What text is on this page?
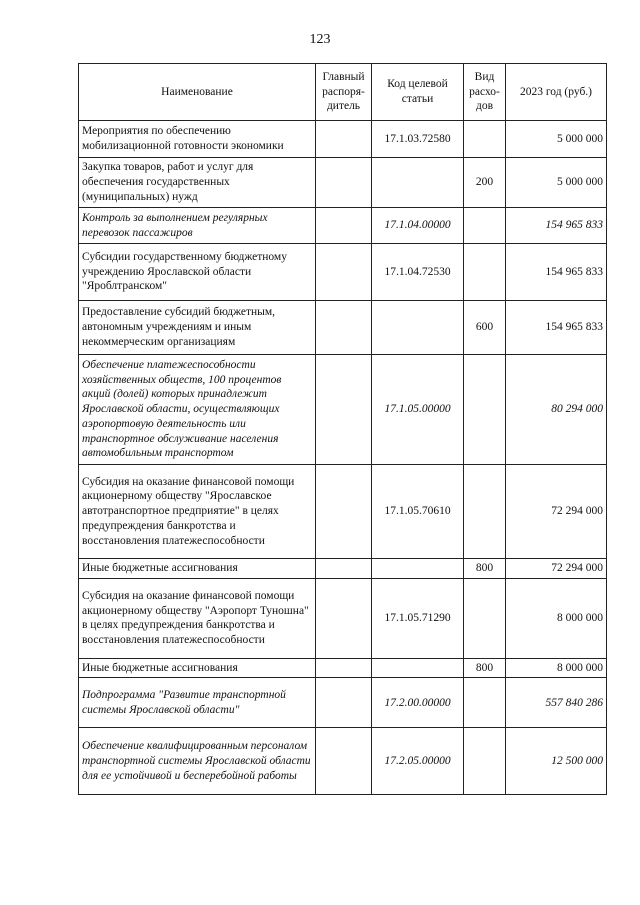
123
Наименование	Главный распоря-дитель	Код целевой статьи	Вид расхо-дов	2023 год (руб.)
Мероприятия по обеспечению мобилизационной готовности экономики		17.1.03.72580		5 000 000
Закупка товаров, работ и услуг для обеспечения государственных (муниципальных) нужд			200	5 000 000
Контроль за выполнением регулярных перевозок пассажиров		17.1.04.00000		154 965 833
Субсидии государственному бюджетному учреждению Ярославской области "Яроблтранском"		17.1.04.72530		154 965 833
Предоставление субсидий бюджетным, автономным учреждениям и иным некоммерческим организациям			600	154 965 833
Обеспечение платежеспособности хозяйственных обществ, 100 процентов акций (долей) которых принадлежит Ярославской области, осуществляющих аэропортовую деятельность или транспортное обслуживание населения автомобильным транспортом		17.1.05.00000		80 294 000
Субсидия на оказание финансовой помощи акционерному обществу "Ярославское автотранспортное предприятие" в целях предупреждения банкротства и восстановления платежеспособности		17.1.05.70610		72 294 000
Иные бюджетные ассигнования			800	72 294 000
Субсидия на оказание финансовой помощи акционерному обществу "Аэропорт Туношна" в целях предупреждения банкротства и восстановления платежеспособности		17.1.05.71290		8 000 000
Иные бюджетные ассигнования			800	8 000 000
Подпрограмма "Развитие транспортной системы Ярославской области"		17.2.00.00000		557 840 286
Обеспечение квалифицированным персоналом транспортной системы Ярославской области для ее устойчивой и бесперебойной работы		17.2.05.00000		12 500 000
